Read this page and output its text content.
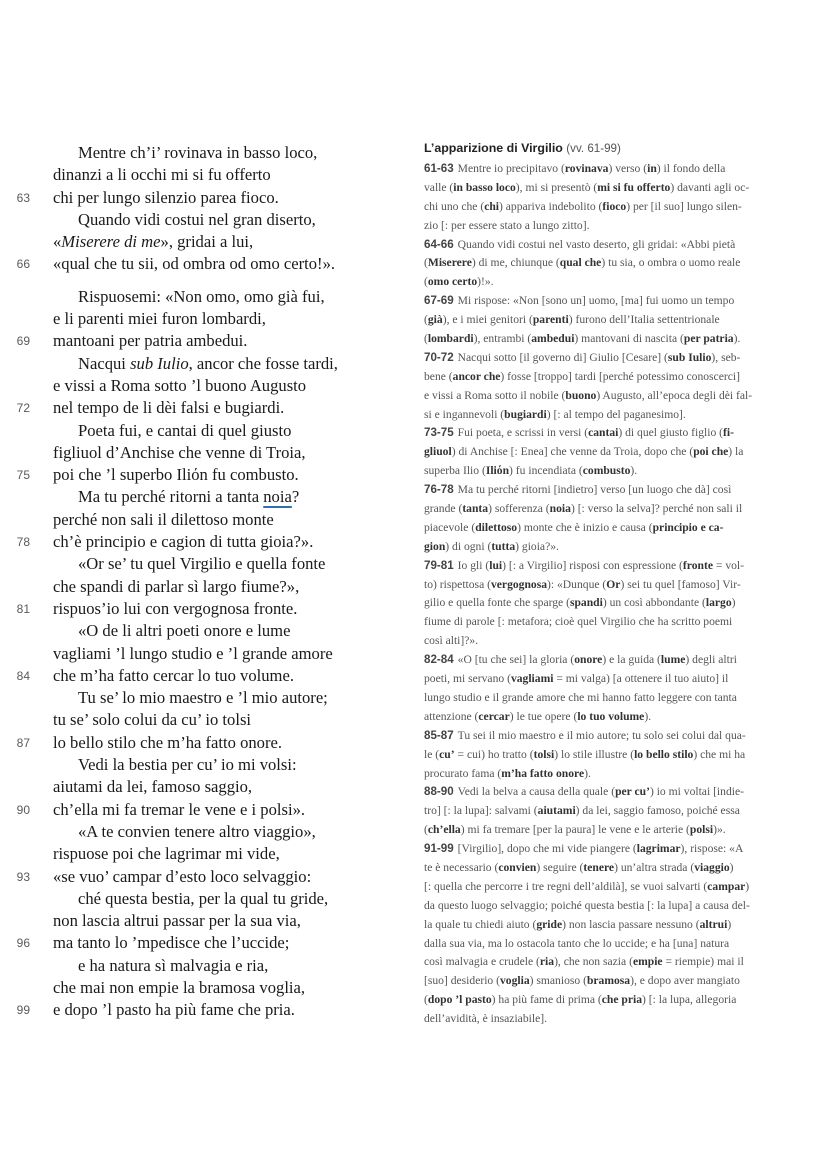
Mentre ch’i’ rovinava in basso loco,
dinanzi a li occhi mi si fu offerto
63 chi per lungo silenzio parea fioco.
Quando vidi costui nel gran diserto,
«Miserere di me», gridai a lui,
66 «qual che tu sii, od ombra od omo certo!».
Rispuosemi: «Non omo, omo già fui,
e li parenti miei furon lombardi,
69 mantoani per patria ambedui.
Nacqui sub Iulio, ancor che fosse tardi,
e vissi a Roma sotto ’l buono Augusto
72 nel tempo de li dèi falsi e bugiardi.
Poeta fui, e cantai di quel giusto
figliuol d’Anchise che venne di Troia,
75 poi che ’l superbo Iliόn fu combusto.
Ma tu perché ritorni a tanta noia?
perché non sali il dilettoso monte
78 ch’è principio e cagion di tutta gioia?».
«Or se’ tu quel Virgilio e quella fonte
che spandi di parlar sì largo fiume?»,
81 rispuos’io lui con vergognosa fronte.
«O de li altri poeti onore e lume
vagliami ’l lungo studio e ’l grande amore
84 che m’ha fatto cercar lo tuo volume.
Tu se’ lo mio maestro e ’l mio autore;
tu se’ solo colui da cu’ io tolsi
87 lo bello stilo che m’ha fatto onore.
Vedi la bestia per cu’ io mi volsi:
aiutami da lei, famoso saggio,
90 ch’ella mi fa tremar le vene e i polsi».
«A te convien tenere altro viaggio»,
rispuose poi che lagrimar mi vide,
93 «se vuo’ campar d’esto loco selvaggio:
ché questa bestia, per la qual tu gride,
non lascia altrui passar per la sua via,
96 ma tanto lo ’mpedisce che l’uccide;
e ha natura sì malvagia e ria,
che mai non empie la bramosa voglia,
99 e dopo ’l pasto ha più fame che pria.
L’apparizione di Virgilio (vv. 61-99)
61-63 Mentre io precipitavo (rovinava) verso (in) il fondo della
valle (in basso loco), mi si presentò (mi si fu offerto) davanti agli oc-
chi uno che (chi) appariva indebolito (fioco) per [il suo] lungo silen-
zio [: per essere stato a lungo zitto].
64-66 Quando vidi costui nel vasto deserto, gli gridai: «Abbi pietà
(Miserere) di me, chiunque (qual che) tu sia, o ombra o uomo reale
(omo certo)!».
67-69 Mi rispose: «Non [sono un] uomo, [ma] fui uomo un tempo
(già), e i miei genitori (parenti) furono dell’Italia settentrionale
(lombardi), entrambi (ambedui) mantovani di nascita (per patria).
70-72 Nacqui sotto [il governo di] Giulio [Cesare] (sub Iulio), seb-
bene (ancor che) fosse [troppo] tardi [perché potessimo conoscerci]
e vissi a Roma sotto il nobile (buono) Augusto, all’epoca degli dèi fal-
si e ingannevoli (bugiardi) [: al tempo del paganesimo].
73-75 Fui poeta, e scrissi in versi (cantai) di quel giusto figlio (fi-
gliuol) di Anchise [: Enea] che venne da Troia, dopo che (poi che) la
superba Ilio (Iliόn) fu incendiata (combusto).
76-78 Ma tu perché ritorni [indietro] verso [un luogo che dà] così
grande (tanta) sofferenza (noia) [: verso la selva]? perché non sali il
piacevole (dilettoso) monte che è inizio e causa (principio e ca-
gion) di ogni (tutta) gioia?».
79-81 Io gli (lui) [: a Virgilio] risposi con espressione (fronte = vol-
to) rispettosa (vergognosa): «Dunque (Or) sei tu quel [famoso] Vir-
gilio e quella fonte che sparge (spandi) un così abbondante (largo)
fiume di parole [: metafora; cioè quel Virgilio che ha scritto poemi
così alti]?».
82-84 «O [tu che sei] la gloria (onore) e la guida (lume) degli altri
poeti, mi servano (vagliami = mi valga) [a ottenere il tuo aiuto] il
lungo studio e il grande amore che mi hanno fatto leggere con tanta
attenzione (cercar) le tue opere (lo tuo volume).
85-87 Tu sei il mio maestro e il mio autore; tu solo sei colui dal qua-
le (cu’ = cui) ho tratto (tolsi) lo stile illustre (lo bello stilo) che mi ha
procurato fama (m’ha fatto onore).
88-90 Vedi la belva a causa della quale (per cu’) io mi voltai [indie-
tro] [: la lupa]: salvami (aiutami) da lei, saggio famoso, poiché essa
(ch’ella) mi fa tremare [per la paura] le vene e le arterie (polsi)».
91-99 [Virgilio], dopo che mi vide piangere (lagrimar), rispose: «A
te è necessario (convien) seguire (tenere) un’altra strada (viaggio)
[: quella che percorre i tre regni dell’aldilà], se vuoi salvarti (campar)
da questo luogo selvaggio; poiché questa bestia [: la lupa] a causa del-
la quale tu chiedi aiuto (gride) non lascia passare nessuno (altrui)
dalla sua via, ma lo ostacola tanto che lo uccide; e ha [una] natura
così malvagia e crudele (ria), che non sazia (empie = riempie) mai il
[suo] desiderio (voglia) smanioso (bramosa), e dopo aver mangiato
(dopo ’l pasto) ha più fame di prima (che pria) [: la lupa, allegoria
dell’avidità, è insaziabile].
